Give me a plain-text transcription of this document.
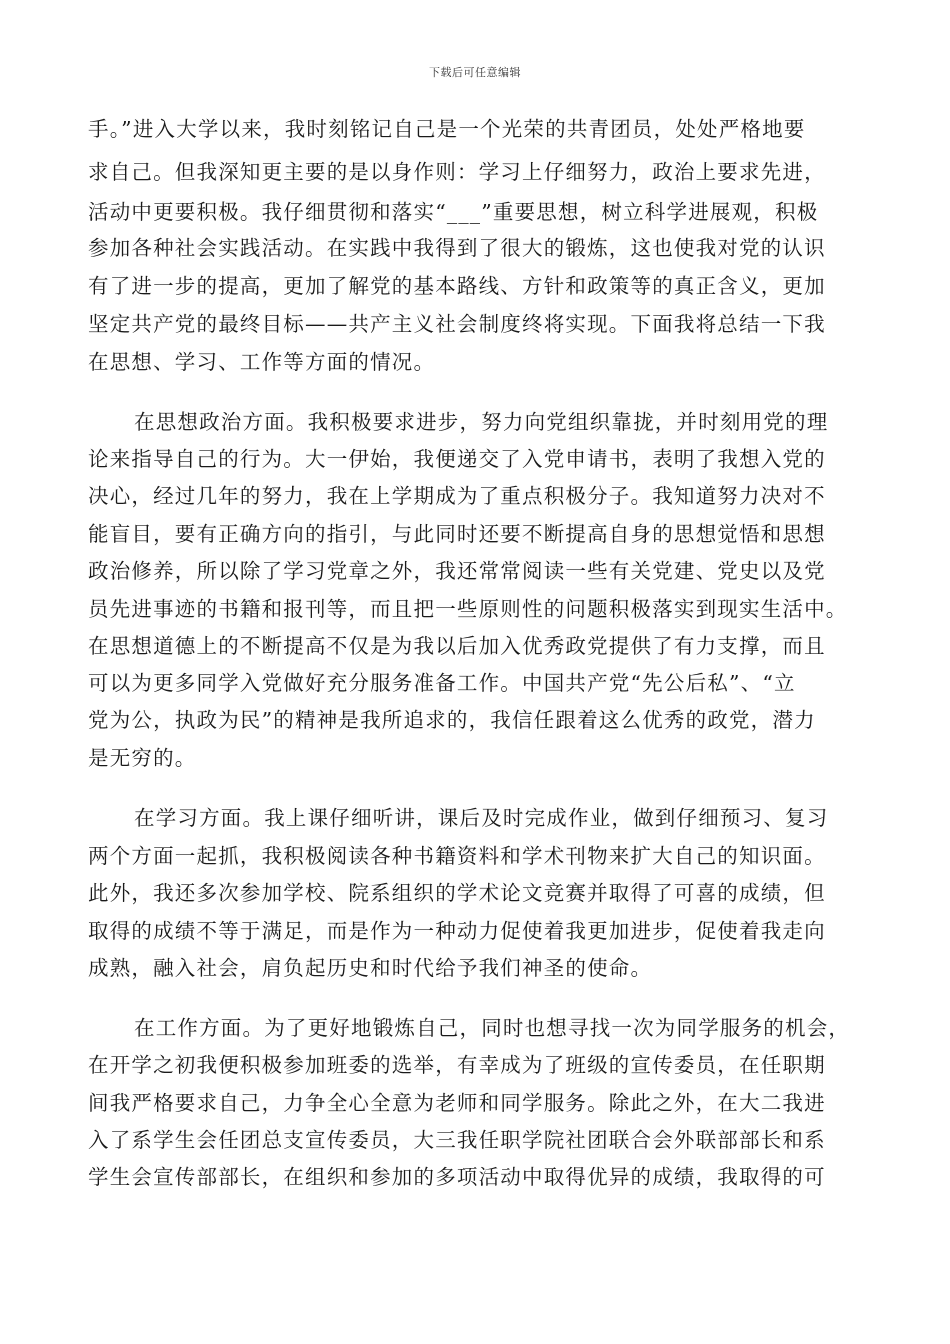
下载后可任意编辑
手。”进入大学以来，我时刻铭记自己是一个光荣的共青团员，处处严格地要
求自己。但我深知更主要的是以身作则：学习上仔细努力，政治上要求先进，
活动中更要积极。我仔细贯彻和落实“___”重要思想，树立科学进展观，积极
参加各种社会实践活动。在实践中我得到了很大的锻炼，这也使我对党的认识
有了进一步的提高，更加了解党的基本路线、方针和政策等的真正含义，更加
坚定共产党的最终目标——共产主义社会制度终将实现。下面我将总结一下我
在思想、学习、工作等方面的情况。
在思想政治方面。我积极要求进步，努力向党组织靠拢，并时刻用党的理
论来指导自己的行为。大一伊始，我便递交了入党申请书，表明了我想入党的
决心，经过几年的努力，我在上学期成为了重点积极分子。我知道努力决对不
能盲目，要有正确方向的指引，与此同时还要不断提高自身的思想觉悟和思想
政治修养，所以除了学习党章之外，我还常常阅读一些有关党建、党史以及党
员先进事迹的书籍和报刊等，而且把一些原则性的问题积极落实到现实生活中。
在思想道德上的不断提高不仅是为我以后加入优秀政党提供了有力支撑，而且
可以为更多同学入党做好充分服务准备工作。中国共产党“先公后私”、“立
党为公，执政为民”的精神是我所追求的，我信任跟着这么优秀的政党，潜力
是无穷的。
在学习方面。我上课仔细听讲，课后及时完成作业，做到仔细预习、复习
两个方面一起抓，我积极阅读各种书籍资料和学术刊物来扩大自己的知识面。
此外，我还多次参加学校、院系组织的学术论文竞赛并取得了可喜的成绩，但
取得的成绩不等于满足，而是作为一种动力促使着我更加进步，促使着我走向
成熟，融入社会，肩负起历史和时代给予我们神圣的使命。
在工作方面。为了更好地锻炼自己，同时也想寻找一次为同学服务的机会，
在开学之初我便积极参加班委的选举，有幸成为了班级的宣传委员，在任职期
间我严格要求自己，力争全心全意为老师和同学服务。除此之外，在大二我进
入了系学生会任团总支宣传委员，大三我任职学院社团联合会外联部部长和系
学生会宣传部部长，在组织和参加的多项活动中取得优异的成绩，我取得的可
